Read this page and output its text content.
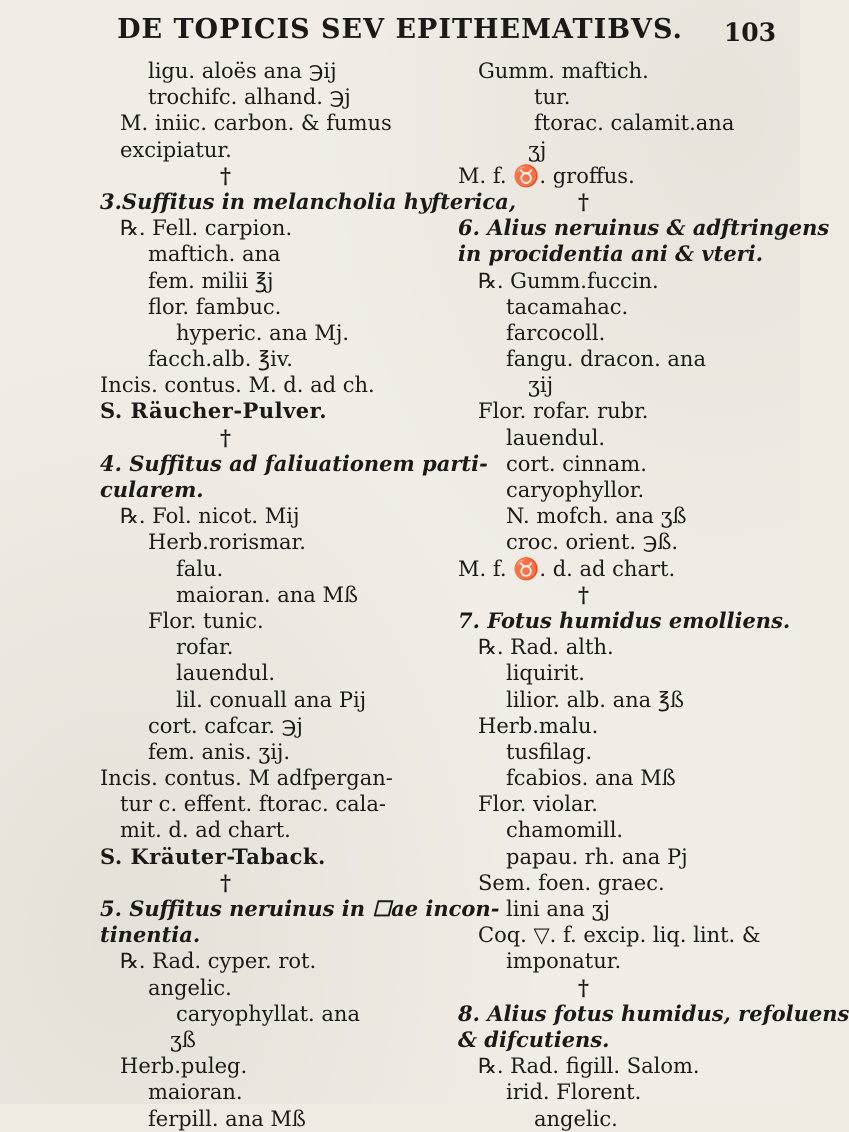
DE TOPICIS SEV EPITHEMATIBVS.	103
ligu. aloës ana ℈ij
trochifc. alhand. ℈j
M. iniic. carbon. & fumus
excipiatur.
†
3.Suffitus in melancholia hyfterica,
℞. Fell. carpion.
maftich. ana
fem. milii ℥j
flor. fambuc.
hyperic. ana Mj.
facch.alb. ℥iv.
Incis. contus. M. d. ad ch.
S. Räucher-Pulver.
†
4. Suffitus ad faliuationem parti-
cularem.
℞. Fol. nicot. Mij
Herb.rorismar.
falu.
maioran. ana Mß
Flor. tunic.
rofar.
lauendul.
lil. conuall ana Pij
cort. cafcar. ℈j
fem. anis. ʒij.
Incis. contus. M adfpergan-
tur c. effent. ftorac. cala-
mit. d. ad chart.
S. Kräuter-Taback.
†
5. Suffitus neruinus in ☐ae incon-
tinentia.
℞. Rad. cyper. rot.
angelic.
caryophyllat. ana
ʒß
Herb.puleg.
maioran.
ferpill. ana Mß
Gumm. maftich.
tur.
ftorac. calamit.ana
ʒj
M. f. ♉. groffus.
†
6. Alius neruinus & adftringens
in procidentia ani & vteri.
℞. Gumm.fuccin.
tacamahac.
farcocoll.
fangu. dracon. ana
ʒij
Flor. rofar. rubr.
lauendul.
cort. cinnam.
caryophyllor.
N. mofch. ana ʒß
croc. orient. ℈ß.
M. f. ♉. d. ad chart.
†
7. Fotus humidus emolliens.
℞. Rad. alth.
liquirit.
lilior. alb. ana ℥ß
Herb.malu.
tusfilag.
fcabios. ana Mß
Flor. violar.
chamomill.
papau. rh. ana Pj
Sem. foen. graec.
lini ana ʒj
Coq. ▽. f. excip. liq. lint. &
imponatur.
†
8. Alius fotus humidus, refoluens
& difcutiens.
℞. Rad. figill. Salom.
irid. Florent.
angelic.
